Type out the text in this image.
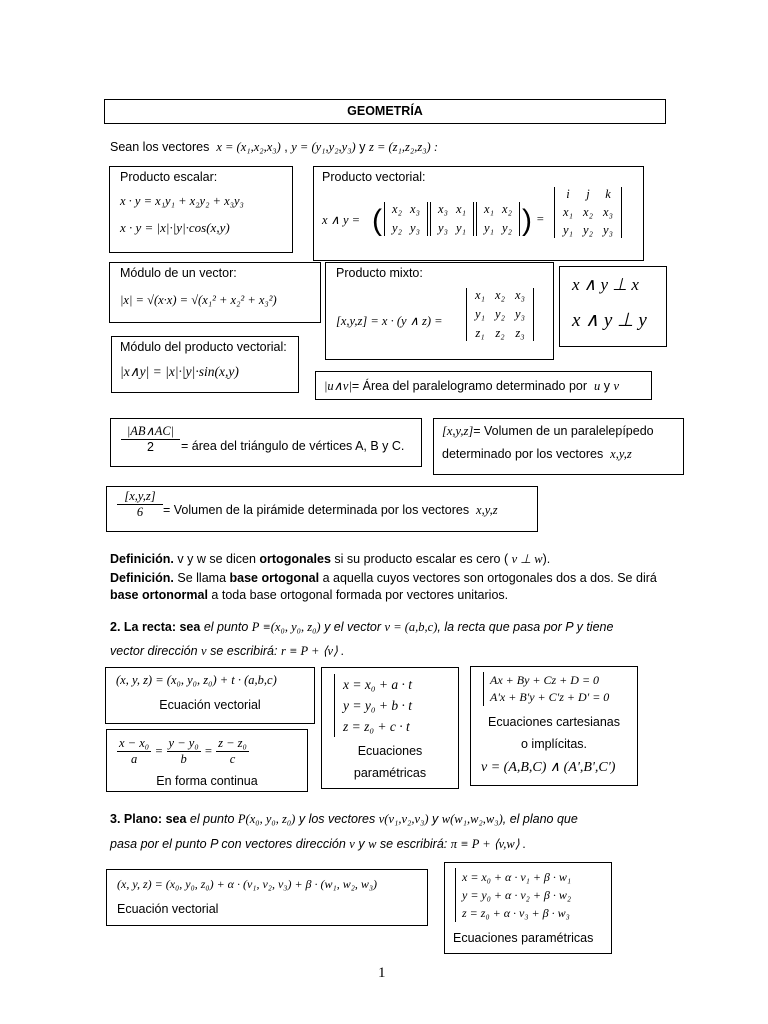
GEOMETRÍA
Sean los vectores x = (x₁,x₂,x₃) , y = (y₁,y₂,y₃) y z = (z₁,z₂,z₃) :
Producto escalar:
x · y = x₁y₁ + x₂y₂ + x₃y₃
x · y = |x|·|y|·cos(x,y)
Producto vectorial:
x ∧ y = ( x₂ x₃
y₂ y₃
x₃ x₁
y₃ y₁
x₁ x₂
y₁ y₂ ) =
i	j	k
x₁ x₂ x₃
y₁ y₂ y₃
Módulo de un vector:
|x| = √(x·x) = √(x₁² + x₂² + x₃²)
Producto mixto:
[x,y,z] = x · (y ∧ z) =
x₁ x₂ x₃
y₁ y₂ y₃
z₁ z₂ z₃
x ∧ y ⊥ x
x ∧ y ⊥ y
Módulo del producto vectorial:
|x∧y| = |x|·|y|·sin(x,y)
|u∧v|= Área del paralelogramo determinado por u y v
$\frac{|AB\wedge AC|}{2}$ = área del triángulo de vértices A, B y C.
[x,y,z]= Volumen de un paralelepípedo
determinado por los vectores x,y,z
$\frac{[x,y,z]}{6}$ = Volumen de la pirámide determinada por los vectores x,y,z
Definición. v y w se dicen ortogonales si su producto escalar es cero ( v ⊥ w).
Definición. Se llama base ortogonal a aquella cuyos vectores son ortogonales dos a dos. Se dirá base ortonormal a toda base ortogonal formada por vectores unitarios.
2. La recta: sea el punto P ≡(x₀, y₀, z₀) y el vector v = (a,b,c), la recta que pasa por P y tiene
vector dirección v se escribirá: r ≡ P + ⟨v⟩ .
(x, y, z) = (x₀, y₀, z₀) + t · (a,b,c)
Ecuación vectorial
x = x₀ + a · t
y = y₀ + b · t
z = z₀ + c · t
Ecuaciones
paramétricas
Ax + By + Cz + D = 0
A'x + B'y + C'z + D' = 0
Ecuaciones cartesianas
o implícitas.
v = (A,B,C) ∧ (A',B',C')
$\frac{\text{x − x₀}}{a} = \frac{\text{y − y₀}}{b} = \frac{\text{z − z₀}}{c}$
En forma continua
3. Plano: sea el punto P(x₀, y₀, z₀) y los vectores v(v₁,v₂,v₃) y w(w₁,w₂,w₃), el plano que
pasa por el punto P con vectores dirección v y w se escribirá: π ≡ P + ⟨v,w⟩ .
(x, y, z) = (x₀, y₀, z₀) + α · (v₁, v₂, v₃) + β · (w₁, w₂, w₃)
Ecuación vectorial
x = x₀ + α · v₁ + β · w₁
y = y₀ + α · v₂ + β · w₂
z = z₀ + α · v₃ + β · w₃
Ecuaciones paramétricas
1
